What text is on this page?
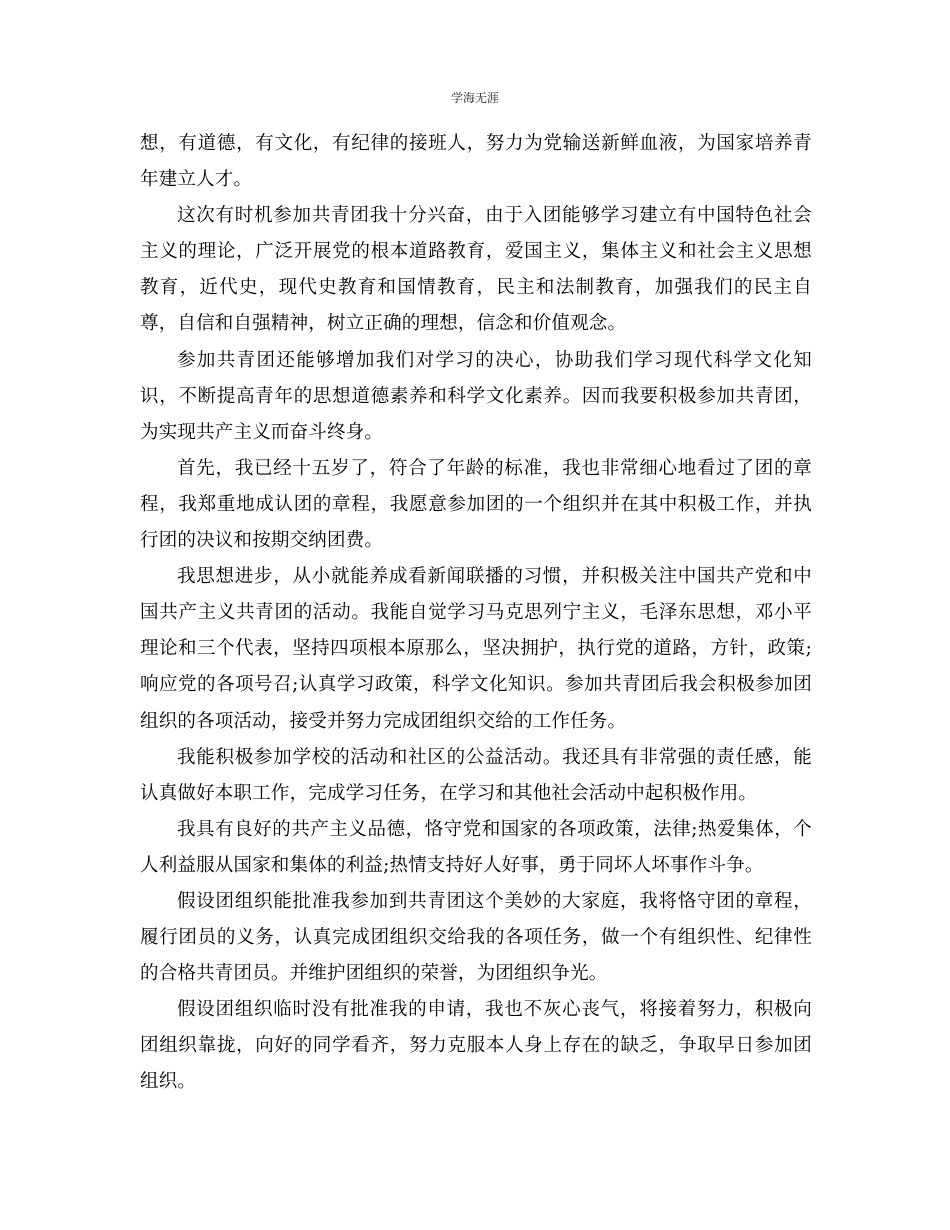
学海无涯

想，有道德，有文化，有纪律的接班人，努力为党输送新鲜血液，为国家培养青年建立人才。

这次有时机参加共青团我十分兴奋，由于入团能够学习建立有中国特色社会主义的理论，广泛开展党的根本道路教育，爱国主义，集体主义和社会主义思想教育，近代史，现代史教育和国情教育，民主和法制教育，加强我们的民主自尊，自信和自强精神，树立正确的理想，信念和价值观念。

参加共青团还能够增加我们对学习的决心，协助我们学习现代科学文化知识，不断提高青年的思想道德素养和科学文化素养。因而我要积极参加共青团，为实现共产主义而奋斗终身。

首先，我已经十五岁了，符合了年龄的标准，我也非常细心地看过了团的章程，我郑重地成认团的章程，我愿意参加团的一个组织并在其中积极工作，并执行团的决议和按期交纳团费。

我思想进步，从小就能养成看新闻联播的习惯，并积极关注中国共产党和中国共产主义共青团的活动。我能自觉学习马克思列宁主义，毛泽东思想，邓小平理论和三个代表，坚持四项根本原那么，坚决拥护，执行党的道路，方针，政策;响应党的各项号召;认真学习政策，科学文化知识。参加共青团后我会积极参加团组织的各项活动，接受并努力完成团组织交给的工作任务。

我能积极参加学校的活动和社区的公益活动。我还具有非常强的责任感，能认真做好本职工作，完成学习任务，在学习和其他社会活动中起积极作用。

我具有良好的共产主义品德，恪守党和国家的各项政策，法律;热爱集体，个人利益服从国家和集体的利益;热情支持好人好事，勇于同坏人坏事作斗争。

假设团组织能批准我参加到共青团这个美妙的大家庭，我将恪守团的章程，履行团员的义务，认真完成团组织交给我的各项任务，做一个有组织性、纪律性的合格共青团员。并维护团组织的荣誉，为团组织争光。

假设团组织临时没有批准我的申请，我也不灰心丧气，将接着努力，积极向团组织靠拢，向好的同学看齐，努力克服本人身上存在的缺乏，争取早日参加团组织。
